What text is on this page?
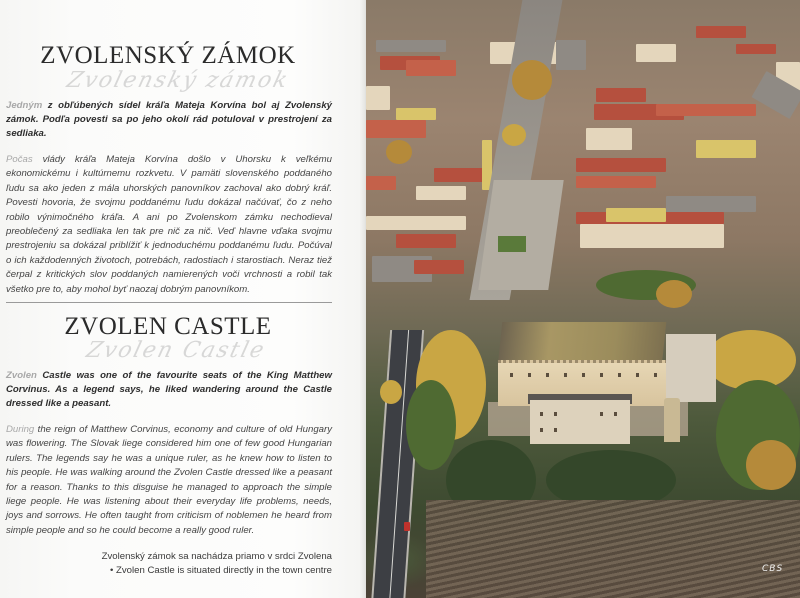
ZVOLENSKÝ ZÁMOK
Zvolenský zámok

Jedným z obľúbených sídel kráľa Mateja Korvína bol aj Zvolenský zámok. Podľa povesti sa po jeho okolí rád potuloval v prestrojení za sedliaka.

Počas vlády kráľa Mateja Korvína došlo v Uhorsku k veľkému ekonomickému i kultúrnemu rozkvetu. V pamäti slovenského poddaného ľudu sa ako jeden z mála uhorských panovníkov zachoval ako dobrý kráľ. Povesti hovoria, že svojmu poddanému ľudu dokázal načúvať, čo z neho robilo výnimočného kráľa. A ani po Zvolenskom zámku nechodieval preoblečený za sedliaka len tak pre nič za nič. Veď hlavne vďaka svojmu prestrojeniu sa dokázal priblížiť k jednoduchému poddanému ľudu. Počúval o ich každodenných životoch, potrebách, radostiach i starostiach. Neraz tiež čerpal z kritických slov poddaných namierených voči vrchnosti a robil tak všetko pre to, aby mohol byť naozaj dobrým panovníkom.

ZVOLEN CASTLE
Zvolen Castle

Zvolen Castle was one of the favourite seats of the King Matthew Corvinus. As a legend says, he liked wandering around the Castle dressed like a peasant.

During the reign of Matthew Corvinus, economy and culture of old Hungary was flowering. The Slovak liege considered him one of few good Hungarian rulers. The legends say he was a unique ruler, as he knew how to listen to his people. He was walking around the Zvolen Castle dressed like a peasant for a reason. Thanks to this disguise he managed to approach the simple liege people. He was listening about their everyday life problems, needs, joys and sorrows. He often taught from criticism of noblemen he heard from simple people and so he could become a really good ruler.

Zvolenský zámok sa nachádza priamo v srdci Zvolena
• Zvolen Castle is situated directly in the town centre	CBS
